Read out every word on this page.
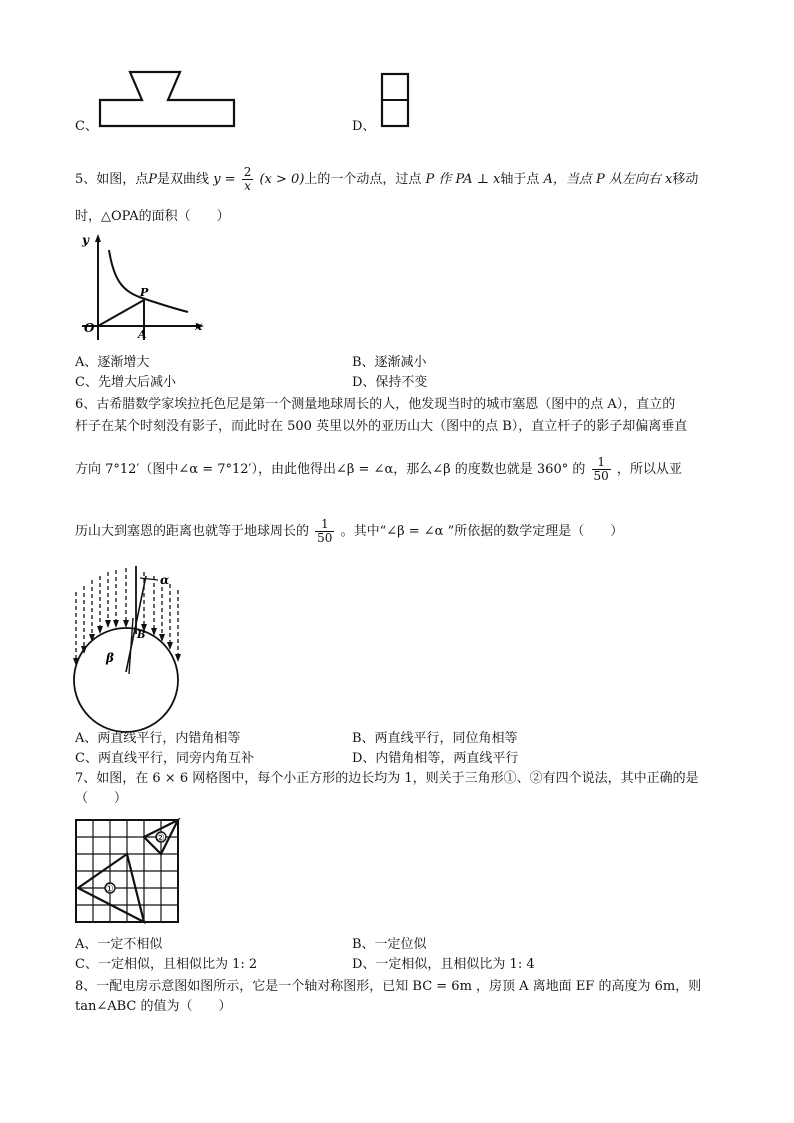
C、	D、
5、如图，点P是双曲线 $y = \frac{2}{x} (x > 0)$上的一个动点，过点 P 作 PA ⊥ x轴于点 A，当点 P 从左向右 x移动
时，△OPA的面积（　　）
y
x
O
P
A
A、逐渐增大	B、逐渐减小
C、先增大后减小	D、保持不变
6、古希腊数学家埃拉托色尼是第一个测量地球周长的人，他发现当时的城市塞恩（图中的点 A），直立的
杆子在某个时刻没有影子，而此时在 500 英里以外的亚历山大（图中的点 B），直立杆子的影子却偏离垂直
方向 7°12′（图中∠α = 7°12′），由此他得出∠β = ∠α，那么∠β 的度数也就是 360° 的 $\frac{1}{50}$ ，所以从亚
历山大到塞恩的距离也就等于地球周长的 $\frac{1}{50}$ 。其中“∠β = ∠α ”所依据的数学定理是（　　）
α
β
B
A、两直线平行，内错角相等	B、两直线平行，同位角相等
C、两直线平行，同旁内角互补	D、内错角相等，两直线平行
7、如图，在 6 × 6 网格图中，每个小正方形的边长均为 1，则关于三角形①、②有四个说法，其中正确的是
（　　）
①
②
A、一定不相似	B、一定位似
C、一定相似，且相似比为 1: 2	D、一定相似，且相似比为 1: 4
8、一配电房示意图如图所示，它是一个轴对称图形，已知 BC = 6m ，房顶 A 离地面 EF 的高度为 6m，则
tan∠ABC 的值为（　　）
